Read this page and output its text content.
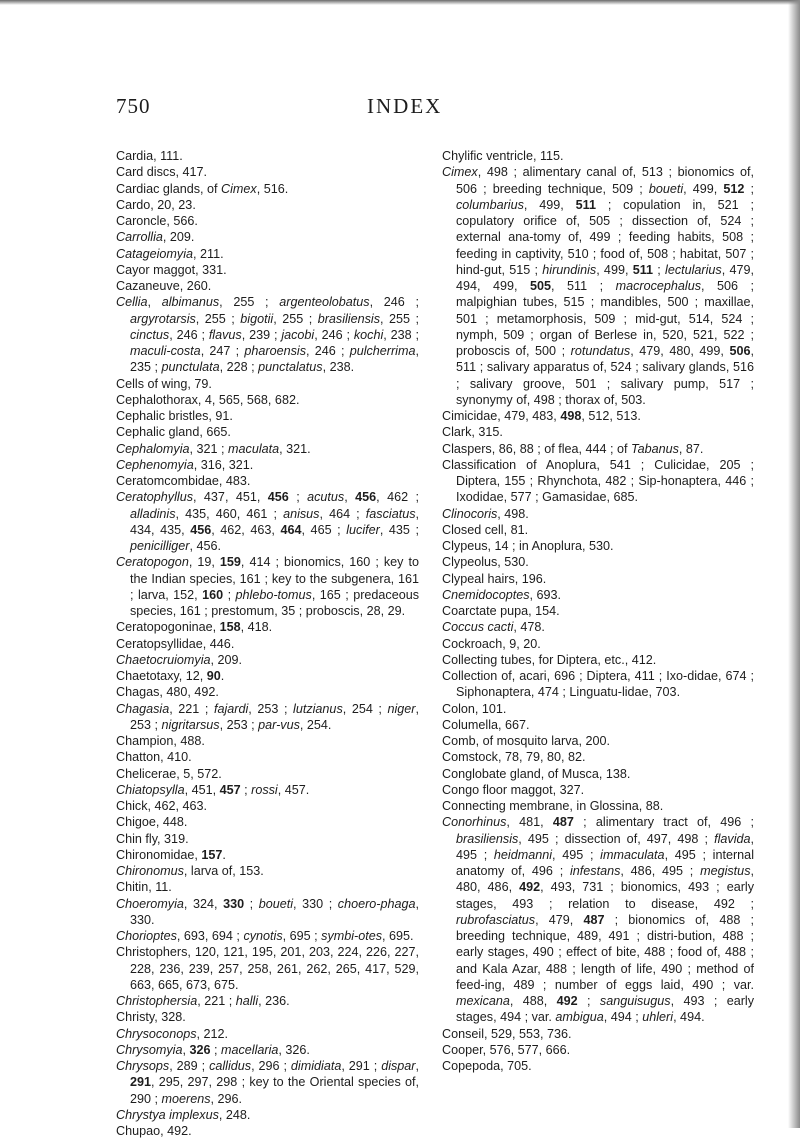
750	INDEX
Cardia, 111.
Card discs, 417.
Cardiac glands, of Cimex, 516.
Cardo, 20, 23.
Caroncle, 566.
Carrollia, 209.
Catageiomyia, 211.
Cayor maggot, 331.
Cazaneuve, 260.
Cellia, albimanus, 255 ; argenteolobatus, 246 ; argyrotarsis, 255 ; bigotii, 255 ; brasiliensis, 255 ; cinctus, 246 ; flavus, 239 ; jacobi, 246 ; kochi, 238 ; maculi-costa, 247 ; pharoensis, 246 ; pulcherrima, 235 ; punctulata, 228 ; punctalatus, 238.
Cells of wing, 79.
Cephalothorax, 4, 565, 568, 682.
Cephalic bristles, 91.
Cephalic gland, 665.
Cephalomyia, 321 ; maculata, 321.
Cephenomyia, 316, 321.
Ceratomcombidae, 483.
Ceratophyllus, 437, 451, 456 ; acutus, 456, 462 ; alladinis, 435, 460, 461 ; anisus, 464 ; fasciatus, 434, 435, 456, 462, 463, 464, 465 ; lucifer, 435 ; penicilliger, 456.
Ceratopogon, 19, 159, 414 ; bionomics, 160 ; key to the Indian species, 161 ; key to the subgenera, 161 ; larva, 152, 160 ; phlebo-tomus, 165 ; predaceous species, 161 ; prestomum, 35 ; proboscis, 28, 29.
Ceratopogoninae, 158, 418.
Ceratopsyllidae, 446.
Chaetocruiomyia, 209.
Chaetotaxy, 12, 90.
Chagas, 480, 492.
Chagasia, 221 ; fajardi, 253 ; lutzianus, 254 ; niger, 253 ; nigritarsus, 253 ; par-vus, 254.
Champion, 488.
Chatton, 410.
Chelicerae, 5, 572.
Chiatopsylla, 451, 457 ; rossi, 457.
Chick, 462, 463.
Chigoe, 448.
Chin fly, 319.
Chironomidae, 157.
Chironomus, larva of, 153.
Chitin, 11.
Choeromyia, 324, 330 ; boueti, 330 ; choero-phaga, 330.
Chorioptes, 693, 694 ; cynotis, 695 ; symbi-otes, 695.
Christophers, 120, 121, 195, 201, 203, 224, 226, 227, 228, 236, 239, 257, 258, 261, 262, 265, 417, 529, 663, 665, 673, 675.
Christophersia, 221 ; halli, 236.
Christy, 328.
Chrysoconops, 212.
Chrysomyia, 326 ; macellaria, 326.
Chrysops, 289 ; callidus, 296 ; dimidiata, 291 ; dispar, 291, 295, 297, 298 ; key to the Oriental species of, 290 ; moerens, 296.
Chrystya implexus, 248.
Chupao, 492.
Chylific ventricle, 115.
Cimex, 498 ; alimentary canal of, 513 ; bionomics of, 506 ; breeding technique, 509 ; boueti, 499, 512 ; columbarius, 499, 511 ; copulation in, 521 ; copulatory orifice of, 505 ; dissection of, 524 ; external ana-tomy of, 499 ; feeding habits, 508 ; feeding in captivity, 510 ; food of, 508 ; habitat, 507 ; hind-gut, 515 ; hirundinis, 499, 511 ; lectularius, 479, 494, 499, 505, 511 ; macrocephalus, 506 ; malpighian tubes, 515 ; mandibles, 500 ; maxillae, 501 ; metamorphosis, 509 ; mid-gut, 514, 524 ; nymph, 509 ; organ of Berlese in, 520, 521, 522 ; proboscis of, 500 ; rotundatus, 479, 480, 499, 506, 511 ; salivary apparatus of, 524 ; salivary glands, 516 ; salivary groove, 501 ; salivary pump, 517 ; synonymy of, 498 ; thorax of, 503.
Cimicidae, 479, 483, 498, 512, 513.
Clark, 315.
Claspers, 86, 88 ; of flea, 444 ; of Tabanus, 87.
Classification of Anoplura, 541 ; Culicidae, 205 ; Diptera, 155 ; Rhynchota, 482 ; Sip-honaptera, 446 ; Ixodidae, 577 ; Gamasidae, 685.
Clinocoris, 498.
Closed cell, 81.
Clypeus, 14 ; in Anoplura, 530.
Clypeolus, 530.
Clypeal hairs, 196.
Cnemidocoptes, 693.
Coarctate pupa, 154.
Coccus cacti, 478.
Cockroach, 9, 20.
Collecting tubes, for Diptera, etc., 412.
Collection of, acari, 696 ; Diptera, 411 ; Ixo-didae, 674 ; Siphonaptera, 474 ; Linguatu-lidae, 703.
Colon, 101.
Columella, 667.
Comb, of mosquito larva, 200.
Comstock, 78, 79, 80, 82.
Conglobate gland, of Musca, 138.
Congo floor maggot, 327.
Connecting membrane, in Glossina, 88.
Conorhinus, 481, 487 ; alimentary tract of, 496 ; brasiliensis, 495 ; dissection of, 497, 498 ; flavida, 495 ; heidmanni, 495 ; immaculata, 495 ; internal anatomy of, 496 ; infestans, 486, 495 ; megistus, 480, 486, 492, 493, 731 ; bionomics, 493 ; early stages, 493 ; relation to disease, 492 ; rubrofasciatus, 479, 487 ; bionomics of, 488 ; breeding technique, 489, 491 ; distri-bution, 488 ; early stages, 490 ; effect of bite, 488 ; food of, 488 ; and Kala Azar, 488 ; length of life, 490 ; method of feed-ing, 489 ; number of eggs laid, 490 ; var. mexicana, 488, 492 ; sanguisugus, 493 ; early stages, 494 ; var. ambigua, 494 ; uhleri, 494.
Conseil, 529, 553, 736.
Cooper, 576, 577, 666.
Copepoda, 705.
